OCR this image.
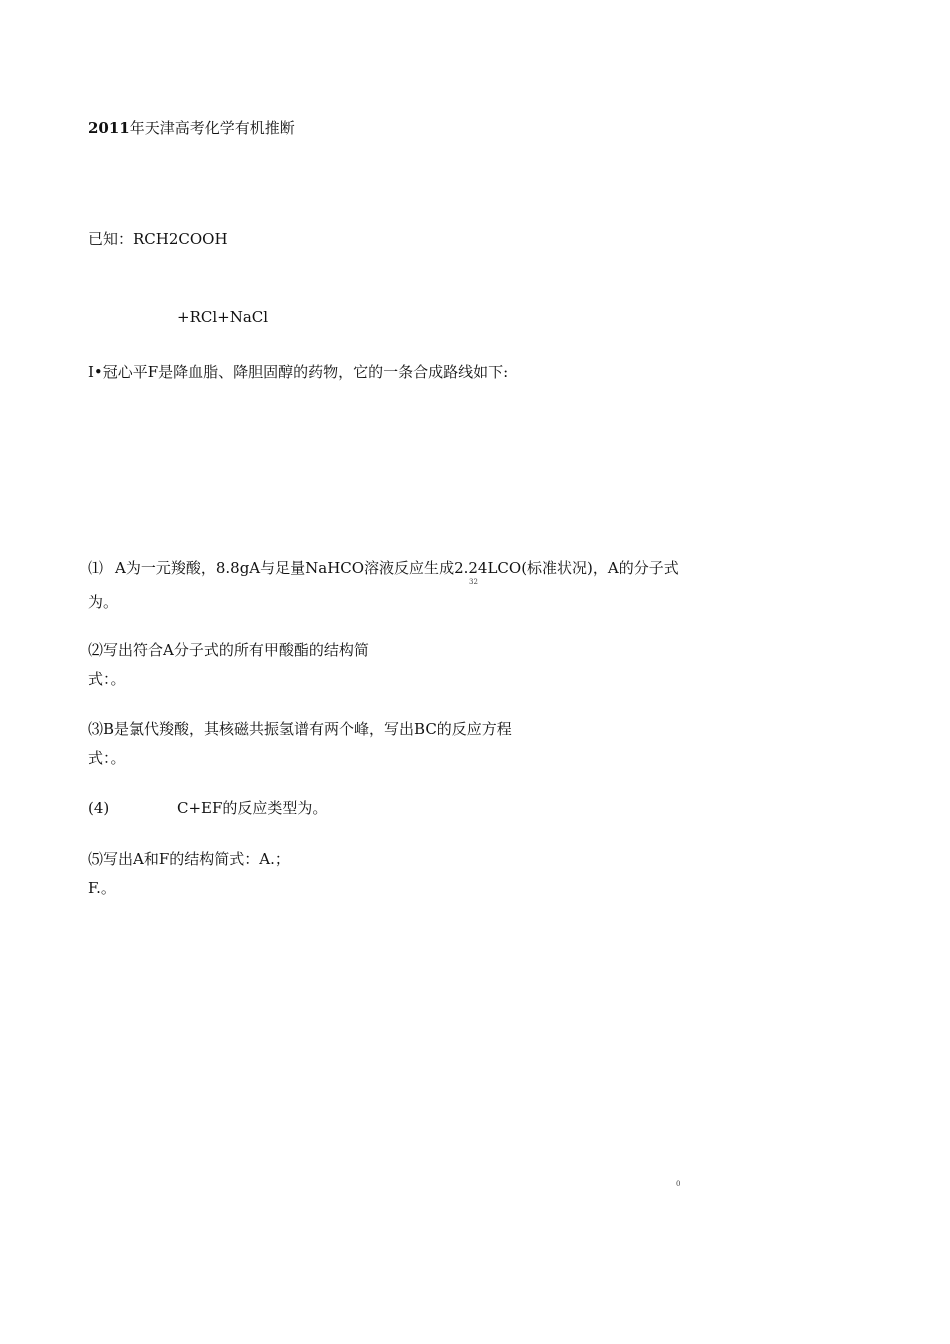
2011年天津高考化学有机推断
已知：RCH2COOH
+RCl+NaCl
I•冠心平F是降血脂、降胆固醇的药物，它的一条合成路线如下:
⑴ A为一元羧酸，8.8gA与足量NaHCO溶液反应生成2.24LCO(标准状况)，A的分子式
32
为。
⑵写出符合A分子式的所有甲酸酯的结构简
式：。
⑶B是氯代羧酸，其核磁共振氢谱有两个峰，写出BC的反应方程
式：。
(4)	C+EF的反应类型为。
⑸写出A和F的结构简式：A.；
F.。
0
